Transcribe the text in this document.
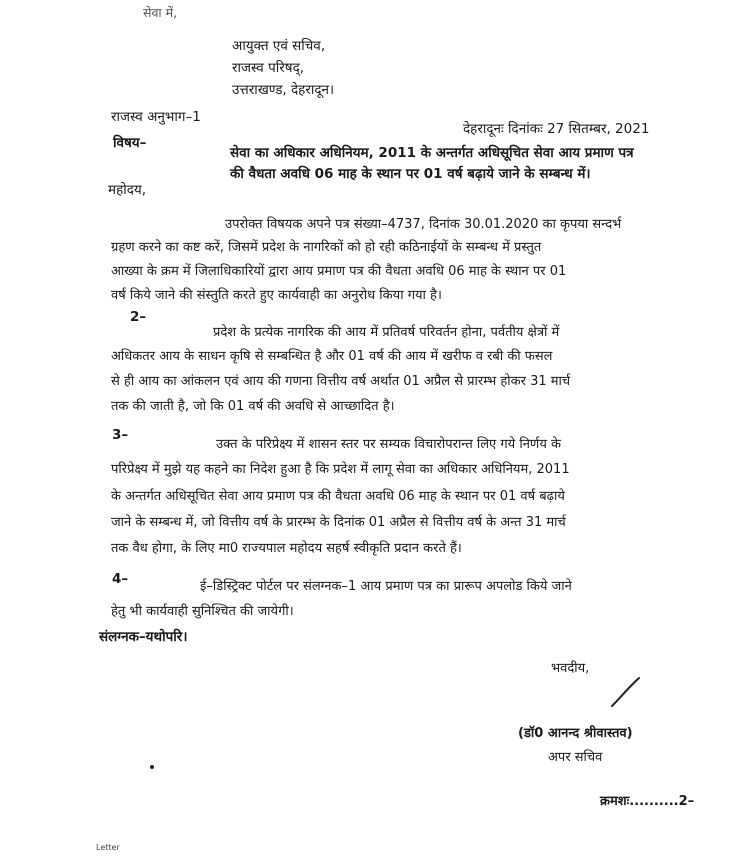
सेवा में,
आयुक्त एवं सचिव,
राजस्व परिषद्,
उत्तराखण्ड, देहरादून।
राजस्व अनुभाग–1
देहरादूनः दिनांकः 27 सितम्बर, 2021
विषय–
सेवा का अधिकार अधिनियम, 2011 के अन्तर्गत अधिसूचित सेवा आय प्रमाण पत्र
की वैधता अवधि 06 माह के स्थान पर 01 वर्ष बढ़ाये जाने के सम्बन्ध में।
महोदय,
उपरोक्त विषयक अपने पत्र संख्या–4737, दिनांक 30.01.2020 का कृपया सन्दर्भ
ग्रहण करने का कष्ट करें, जिसमें प्रदेश के नागरिकों को हो रही कठिनाईयों के सम्बन्ध में प्रस्तुत
आख्या के क्रम में जिलाधिकारियों द्वारा आय प्रमाण पत्र की वैधता अवधि 06 माह के स्थान पर 01
वर्ष किये जाने की संस्तुति करते हुए कार्यवाही का अनुरोध किया गया है।
2–
प्रदेश के प्रत्येक नागरिक की आय में प्रतिवर्ष परिवर्तन होना, पर्वतीय क्षेत्रों में
अधिकतर आय के साधन कृषि से सम्बन्धित है और 01 वर्ष की आय में खरीफ व रबी की फसल
से ही आय का आंकलन एवं आय की गणना वित्तीय वर्ष अर्थात 01 अप्रैल से प्रारम्भ होकर 31 मार्च
तक की जाती है, जो कि 01 वर्ष की अवधि से आच्छादित है।
3–
उक्त के परिप्रेक्ष्य में शासन स्तर पर सम्यक विचारोपरान्त लिए गये निर्णय के
परिप्रेक्ष्य में मुझे यह कहने का निदेश हुआ है कि प्रदेश में लागू सेवा का अधिकार अधिनियम, 2011
के अन्तर्गत अधिसूचित सेवा आय प्रमाण पत्र की वैधता अवधि 06 माह के स्थान पर 01 वर्ष बढ़ाये
जाने के सम्बन्ध में, जो वित्तीय वर्ष के प्रारम्भ के दिनांक 01 अप्रैल से वित्तीय वर्ष के अन्त 31 मार्च
तक वैध होगा, के लिए मा0 राज्यपाल महोदय सहर्ष स्वीकृति प्रदान करते हैं।
4–	ई–डिस्ट्रिक्ट पोर्टल पर संलग्नक–1 आय प्रमाण पत्र का प्रारूप अपलोड किये जाने
हेतु भी कार्यवाही सुनिश्चित की जायेगी।
संलग्नक–यथोपरि।
भवदीय,
(डॉ0 आनन्द श्रीवास्तव)
अपर सचिव
क्रमशः..........2–
Letter
